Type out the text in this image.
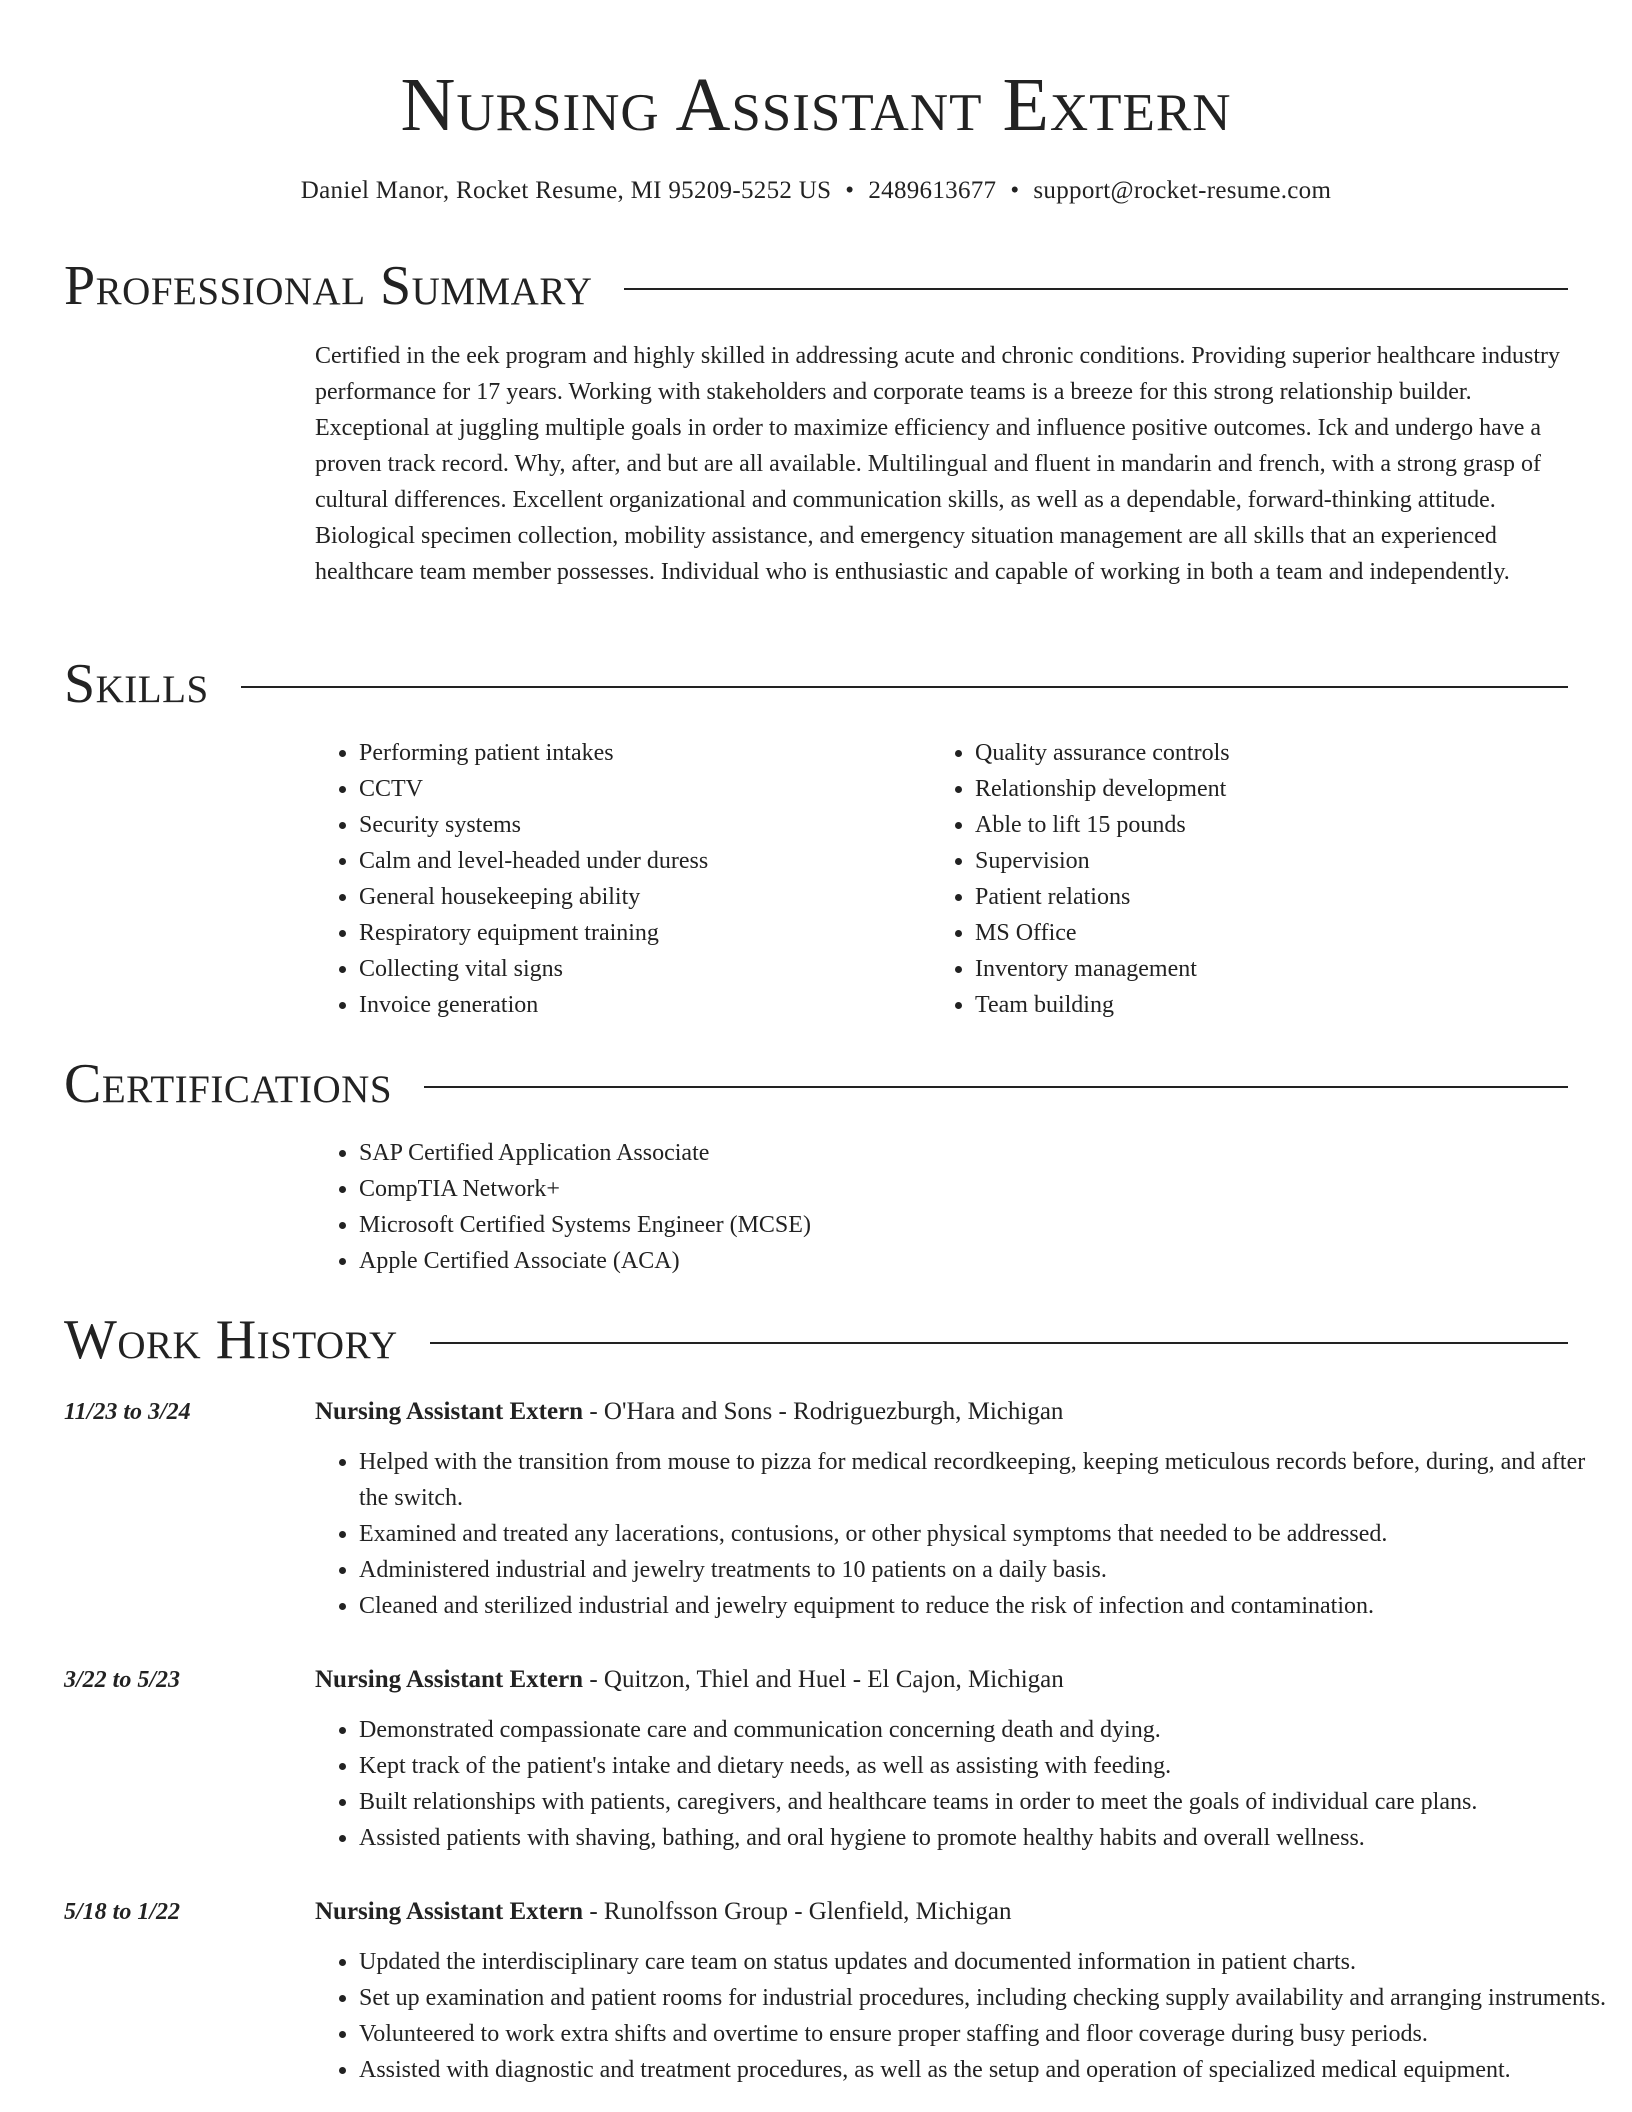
Nursing Assistant Extern
Daniel Manor, Rocket Resume, MI 95209-5252 US • 2489613677 • support@rocket-resume.com
Professional Summary

Certified in the eek program and highly skilled in addressing acute and chronic conditions. Providing superior healthcare industry performance for 17 years. Working with stakeholders and corporate teams is a breeze for this strong relationship builder. Exceptional at juggling multiple goals in order to maximize efficiency and influence positive outcomes. Ick and undergo have a proven track record. Why, after, and but are all available. Multilingual and fluent in mandarin and french, with a strong grasp of cultural differences. Excellent organizational and communication skills, as well as a dependable, forward-thinking attitude. Biological specimen collection, mobility assistance, and emergency situation management are all skills that an experienced healthcare team member possesses. Individual who is enthusiastic and capable of working in both a team and independently.

Skills
• Performing patient intakes
• CCTV
• Security systems
• Calm and level-headed under duress
• General housekeeping ability
• Respiratory equipment training
• Collecting vital signs
• Invoice generation
• Quality assurance controls
• Relationship development
• Able to lift 15 pounds
• Supervision
• Patient relations
• MS Office
• Inventory management
• Team building
Certifications
• SAP Certified Application Associate
• CompTIA Network+
• Microsoft Certified Systems Engineer (MCSE)
• Apple Certified Associate (ACA)
Work History
11/23 to 3/24	Nursing Assistant Extern - O'Hara and Sons - Rodriguezburgh, Michigan
• Helped with the transition from mouse to pizza for medical recordkeeping, keeping meticulous records before, during, and after the switch.
• Examined and treated any lacerations, contusions, or other physical symptoms that needed to be addressed.
• Administered industrial and jewelry treatments to 10 patients on a daily basis.
• Cleaned and sterilized industrial and jewelry equipment to reduce the risk of infection and contamination.
3/22 to 5/23	Nursing Assistant Extern - Quitzon, Thiel and Huel - El Cajon, Michigan
• Demonstrated compassionate care and communication concerning death and dying.
• Kept track of the patient's intake and dietary needs, as well as assisting with feeding.
• Built relationships with patients, caregivers, and healthcare teams in order to meet the goals of individual care plans.
• Assisted patients with shaving, bathing, and oral hygiene to promote healthy habits and overall wellness.
5/18 to 1/22	Nursing Assistant Extern - Runolfsson Group - Glenfield, Michigan
• Updated the interdisciplinary care team on status updates and documented information in patient charts.
• Set up examination and patient rooms for industrial procedures, including checking supply availability and arranging instruments.
• Volunteered to work extra shifts and overtime to ensure proper staffing and floor coverage during busy periods.
• Assisted with diagnostic and treatment procedures, as well as the setup and operation of specialized medical equipment.
